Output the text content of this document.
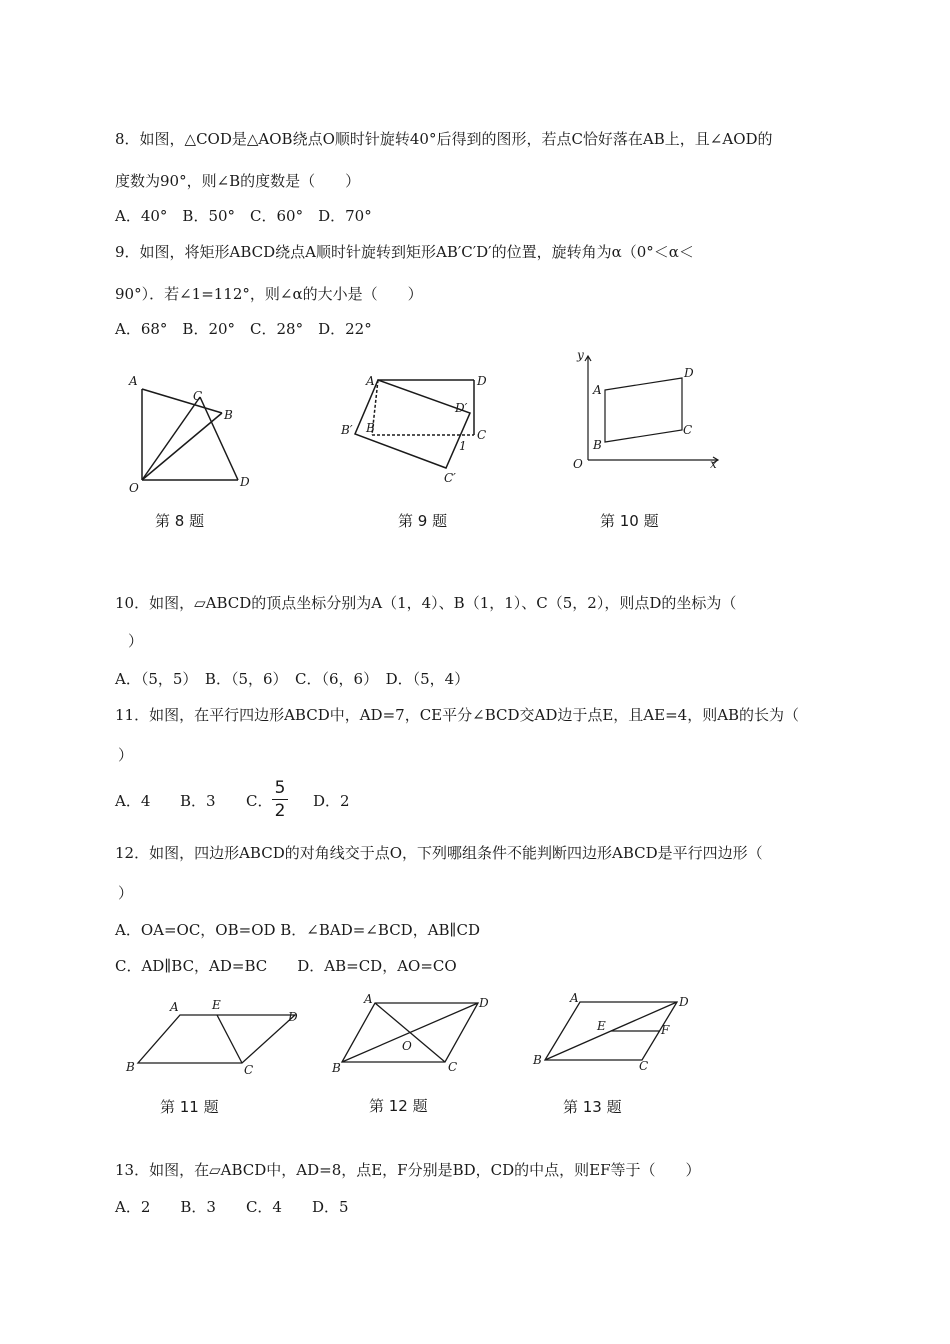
8．如图，△COD是△AOB绕点O顺时针旋转40°后得到的图形，若点C恰好落在AB上，且∠AOD的
度数为90°，则∠B的度数是（　　）
A．40°　B．50°　C．60°　D．70°
9．如图，将矩形ABCD绕点A顺时针旋转到矩形AB′C′D′的位置，旋转角为α（0°＜α＜
90°）．若∠1=112°，则∠α的大小是（　　）
A．68°　B．20°　C．28°　D．22°
A
B
C
O	D
第 8 题
A	D
D′
B′ B	C
1
C′
第 9 题
y
x
O
A
B
C
D
第 10 题
10．如图，▱ABCD的顶点坐标分别为A（1，4）、B（1，1）、C（5，2），则点D的坐标为（
）
A．（5，5）　B．（5，6）　C．（6，6）　D．（5，4）
11．如图，在平行四边形ABCD中，AD=7，CE平分∠BCD交AD边于点E，且AE=4，则AB的长为（
）
A．4 B．3 C．
5
2 D．2
12．如图，四边形ABCD的对角线交于点O，下列哪组条件不能判断四边形ABCD是平行四边形（
）
A．OA=OC，OB=OD B．∠BAD=∠BCD，AB∥CD
C．AD∥BC，AD=BC　　D．AB=CD，AO=CO
A	E
D
B	C
第 11 题
A	D
O
B	C
第 12 题
A	D
E	F
B	C
第 13 题
13．如图，在▱ABCD中，AD=8，点E，F分别是BD，CD的中点，则EF等于（　　）
A．2　　B．3　　C．4　　D．5
